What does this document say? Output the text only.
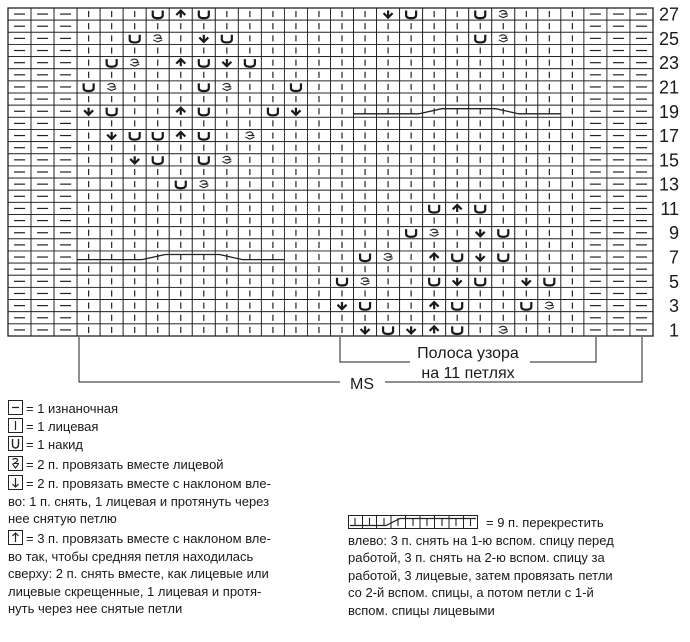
27
25
23
21
19
17
15
13
11
9
7
5
3
1
Полоса узора
на 11 петлях
MS
= 1 изнаночная
= 1 лицевая
= 1 накид
= 2 п. провязать вместе лицевой
= 2 п. провязать вместе с наклоном вле-
во: 1 п. снять, 1 лицевая и протянуть через
нее снятую петлю
= 3 п. провязать вместе с наклоном вле-
во так, чтобы средняя петля находилась
сверху: 2 п. снять вместе, как лицевые или
лицевые скрещенные, 1 лицевая и протя-
нуть через нее снятые петли
= 9 п. перекрестить
влево: 3 п. снять на 1-ю вспом. спицу перед
работой, 3 п. снять на 2-ю вспом. спицу за
работой, 3 лицевые, затем провязать петли
со 2-й вспом. спицы, а потом петли с 1-й
вспом. спицы лицевыми
